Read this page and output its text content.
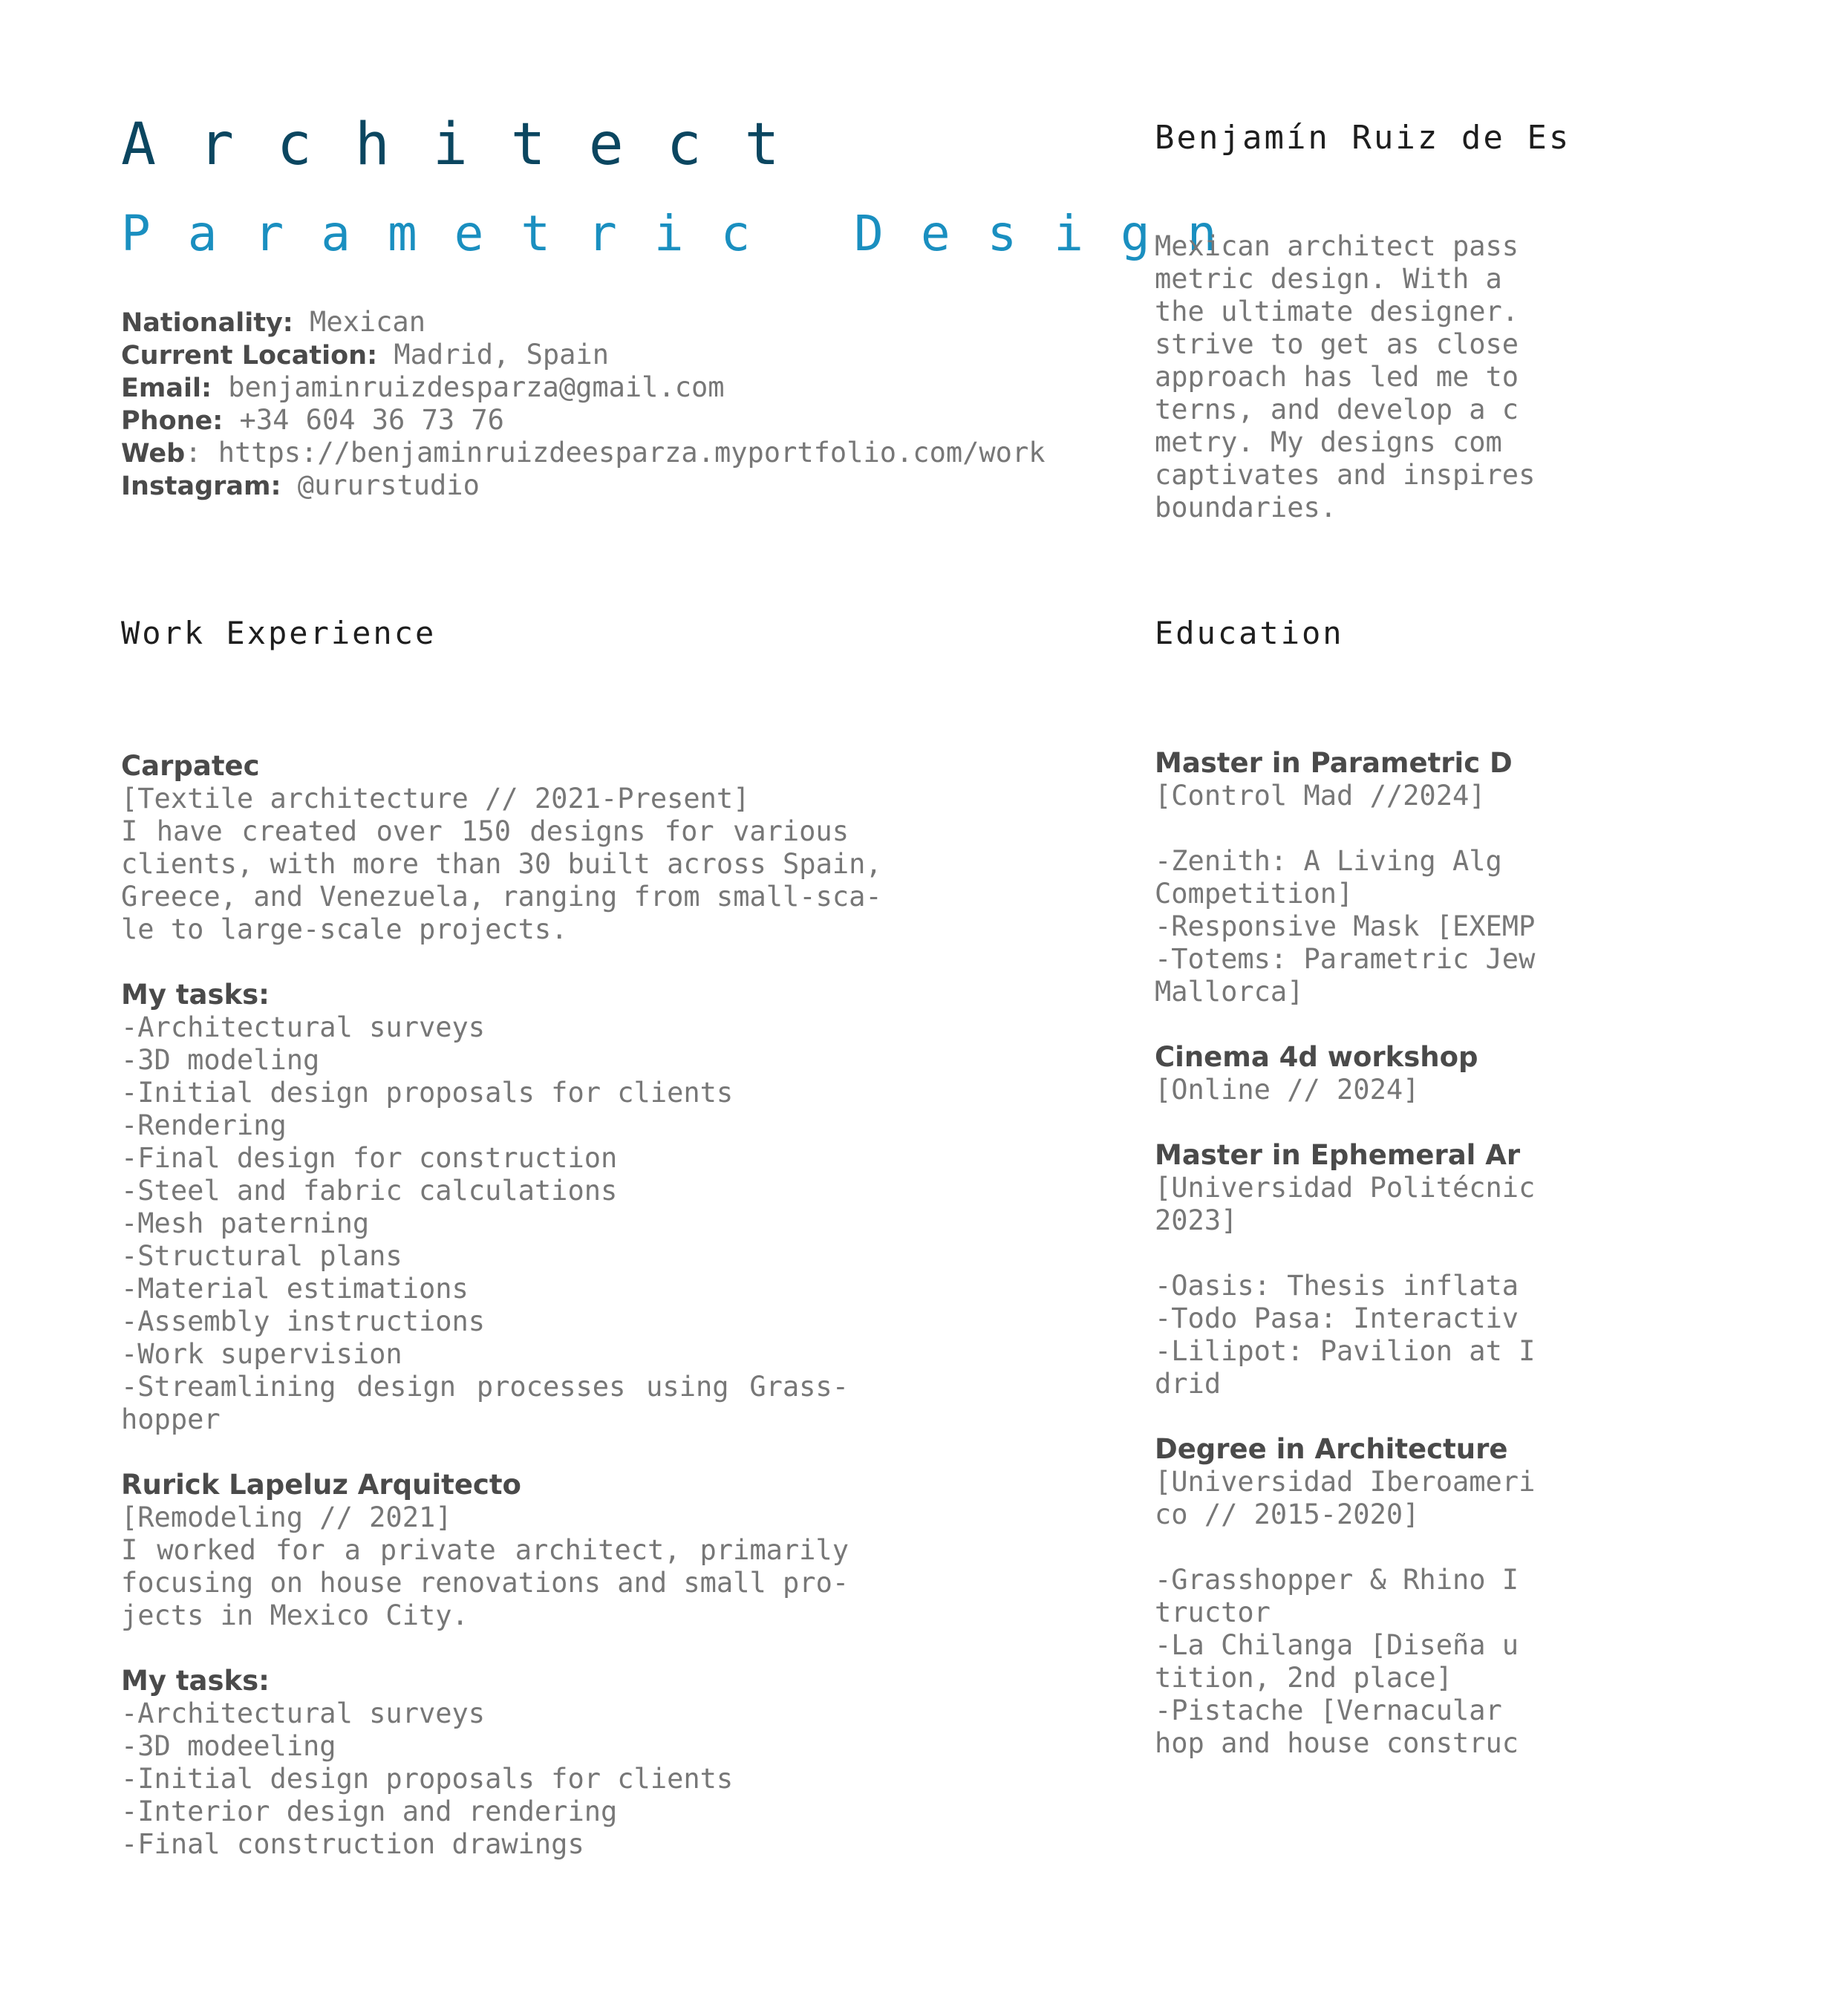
Architect
Parametric Design
Nationality: Mexican
Current Location: Madrid, Spain
Email: benjaminruizdesparza@gmail.com
Phone: +34 604 36 73 76
Web: https://benjaminruizdeesparza.myportfolio.com/work
Instagram: @ururstudio
Work Experience
Carpatec
[Textile architecture // 2021-Present]
I have created over 150 designs for various
clients, with more than 30 built across Spain,
Greece, and Venezuela, ranging from small-sca-
le to large-scale projects.
My tasks:
-Architectural surveys
-3D modeling
-Initial design proposals for clients
-Rendering
-Final design for construction
-Steel and fabric calculations
-Mesh paterning
-Structural plans
-Material estimations
-Assembly instructions
-Work supervision
-Streamlining design processes using Grass-
hopper
Rurick Lapeluz Arquitecto
[Remodeling // 2021]
I worked for a private architect, primarily
focusing on house renovations and small pro-
jects in Mexico City.
My tasks:
-Architectural surveys
-3D modeeling
-Initial design proposals for clients
-Interior design and rendering
-Final construction drawings
Benjamín Ruiz de Es
Mexican architect pass
metric design. With a
the ultimate designer.
strive to get as close
approach has led me to
terns, and develop a c
metry. My designs com
captivates and inspires
boundaries.
Education
Master in Parametric D
[Control Mad //2024]
-Zenith: A Living Alg
Competition]
-Responsive Mask [EXEMP
-Totems: Parametric Jew
Mallorca]
Cinema 4d workshop
[Online // 2024]
Master in Ephemeral Ar
[Universidad Politécnic
2023]
-Oasis: Thesis inflata
-Todo Pasa: Interactiv
-Lilipot: Pavilion at I
drid
Degree in Architecture
[Universidad Iberoameri
co // 2015-2020]
-Grasshopper & Rhino I
tructor
-La Chilanga [Diseña u
tition, 2nd place]
-Pistache [Vernacular
hop and house construc
